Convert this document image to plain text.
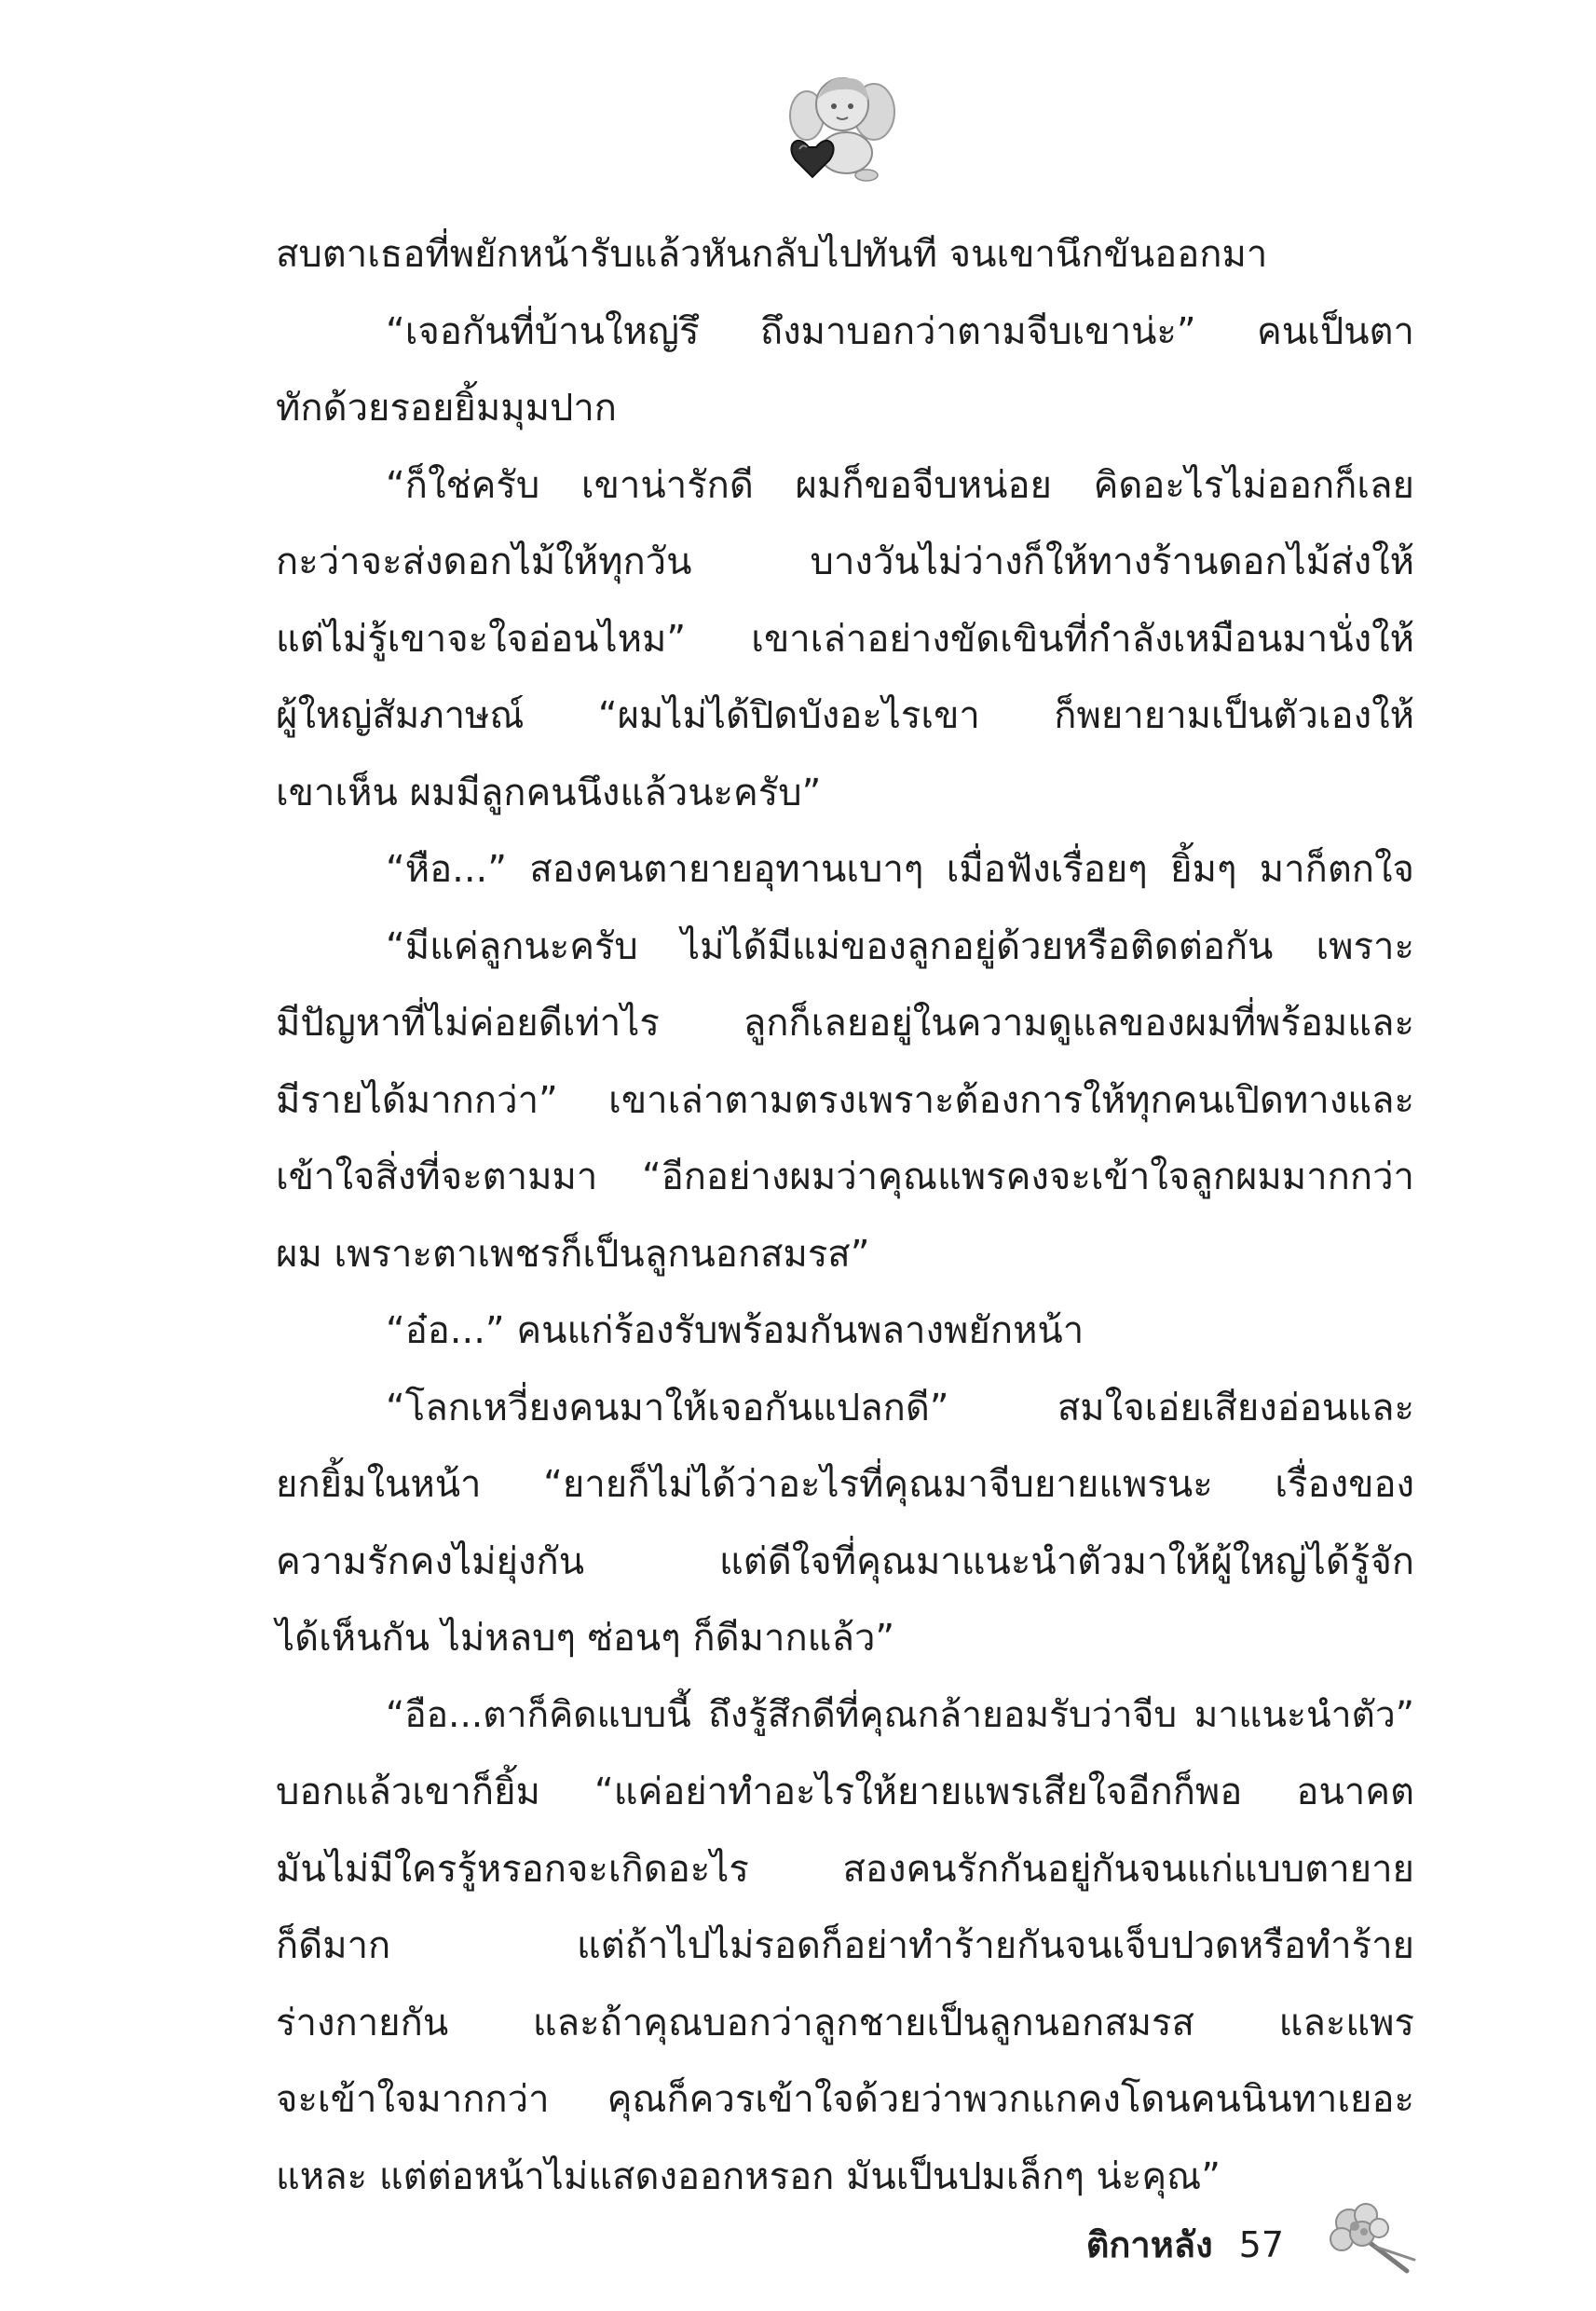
สบตาเธอที่พยักหน้ารับแล้วหันกลับไปทันที จนเขานึกขันออกมา
“เจอกันที่บ้านใหญ่รึ ถึงมาบอกว่าตามจีบเขาน่ะ” คนเป็นตา
ทักด้วยรอยยิ้มมุมปาก
“ก็ใช่ครับ เขาน่ารักดี ผมก็ขอจีบหน่อย คิดอะไรไม่ออกก็เลย
กะว่าจะส่งดอกไม้ให้ทุกวัน บางวันไม่ว่างก็ให้ทางร้านดอกไม้ส่งให้
แต่ไม่รู้เขาจะใจอ่อนไหม” เขาเล่าอย่างขัดเขินที่กำลังเหมือนมานั่งให้
ผู้ใหญ่สัมภาษณ์ “ผมไม่ได้ปิดบังอะไรเขา ก็พยายามเป็นตัวเองให้
เขาเห็น ผมมีลูกคนนึงแล้วนะครับ”
“หือ...” สองคนตายายอุทานเบาๆ เมื่อฟังเรื่อยๆ ยิ้มๆ มาก็ตกใจ
“มีแค่ลูกนะครับ ไม่ได้มีแม่ของลูกอยู่ด้วยหรือติดต่อกัน เพราะ
มีปัญหาที่ไม่ค่อยดีเท่าไร ลูกก็เลยอยู่ในความดูแลของผมที่พร้อมและ
มีรายได้มากกว่า” เขาเล่าตามตรงเพราะต้องการให้ทุกคนเปิดทางและ
เข้าใจสิ่งที่จะตามมา “อีกอย่างผมว่าคุณแพรคงจะเข้าใจลูกผมมากกว่า
ผม เพราะตาเพชรก็เป็นลูกนอกสมรส”
“อ๋อ...” คนแก่ร้องรับพร้อมกันพลางพยักหน้า
“โลกเหวี่ยงคนมาให้เจอกันแปลกดี” สมใจเอ่ยเสียงอ่อนและ
ยกยิ้มในหน้า “ยายก็ไม่ได้ว่าอะไรที่คุณมาจีบยายแพรนะ เรื่องของ
ความรักคงไม่ยุ่งกัน แต่ดีใจที่คุณมาแนะนำตัวมาให้ผู้ใหญ่ได้รู้จัก
ได้เห็นกัน ไม่หลบๆ ซ่อนๆ ก็ดีมากแล้ว”
“อือ...ตาก็คิดแบบนี้ ถึงรู้สึกดีที่คุณกล้ายอมรับว่าจีบ มาแนะนำตัว”
บอกแล้วเขาก็ยิ้ม “แค่อย่าทำอะไรให้ยายแพรเสียใจอีกก็พอ อนาคต
มันไม่มีใครรู้หรอกจะเกิดอะไร สองคนรักกันอยู่กันจนแก่แบบตายาย
ก็ดีมาก แต่ถ้าไปไม่รอดก็อย่าทำร้ายกันจนเจ็บปวดหรือทำร้าย
ร่างกายกัน และถ้าคุณบอกว่าลูกชายเป็นลูกนอกสมรส และแพร
จะเข้าใจมากกว่า คุณก็ควรเข้าใจด้วยว่าพวกแกคงโดนคนนินทาเยอะ
แหละ แต่ต่อหน้าไม่แสดงออกหรอก มันเป็นปมเล็กๆ น่ะคุณ”
ติกาหลัง 57
